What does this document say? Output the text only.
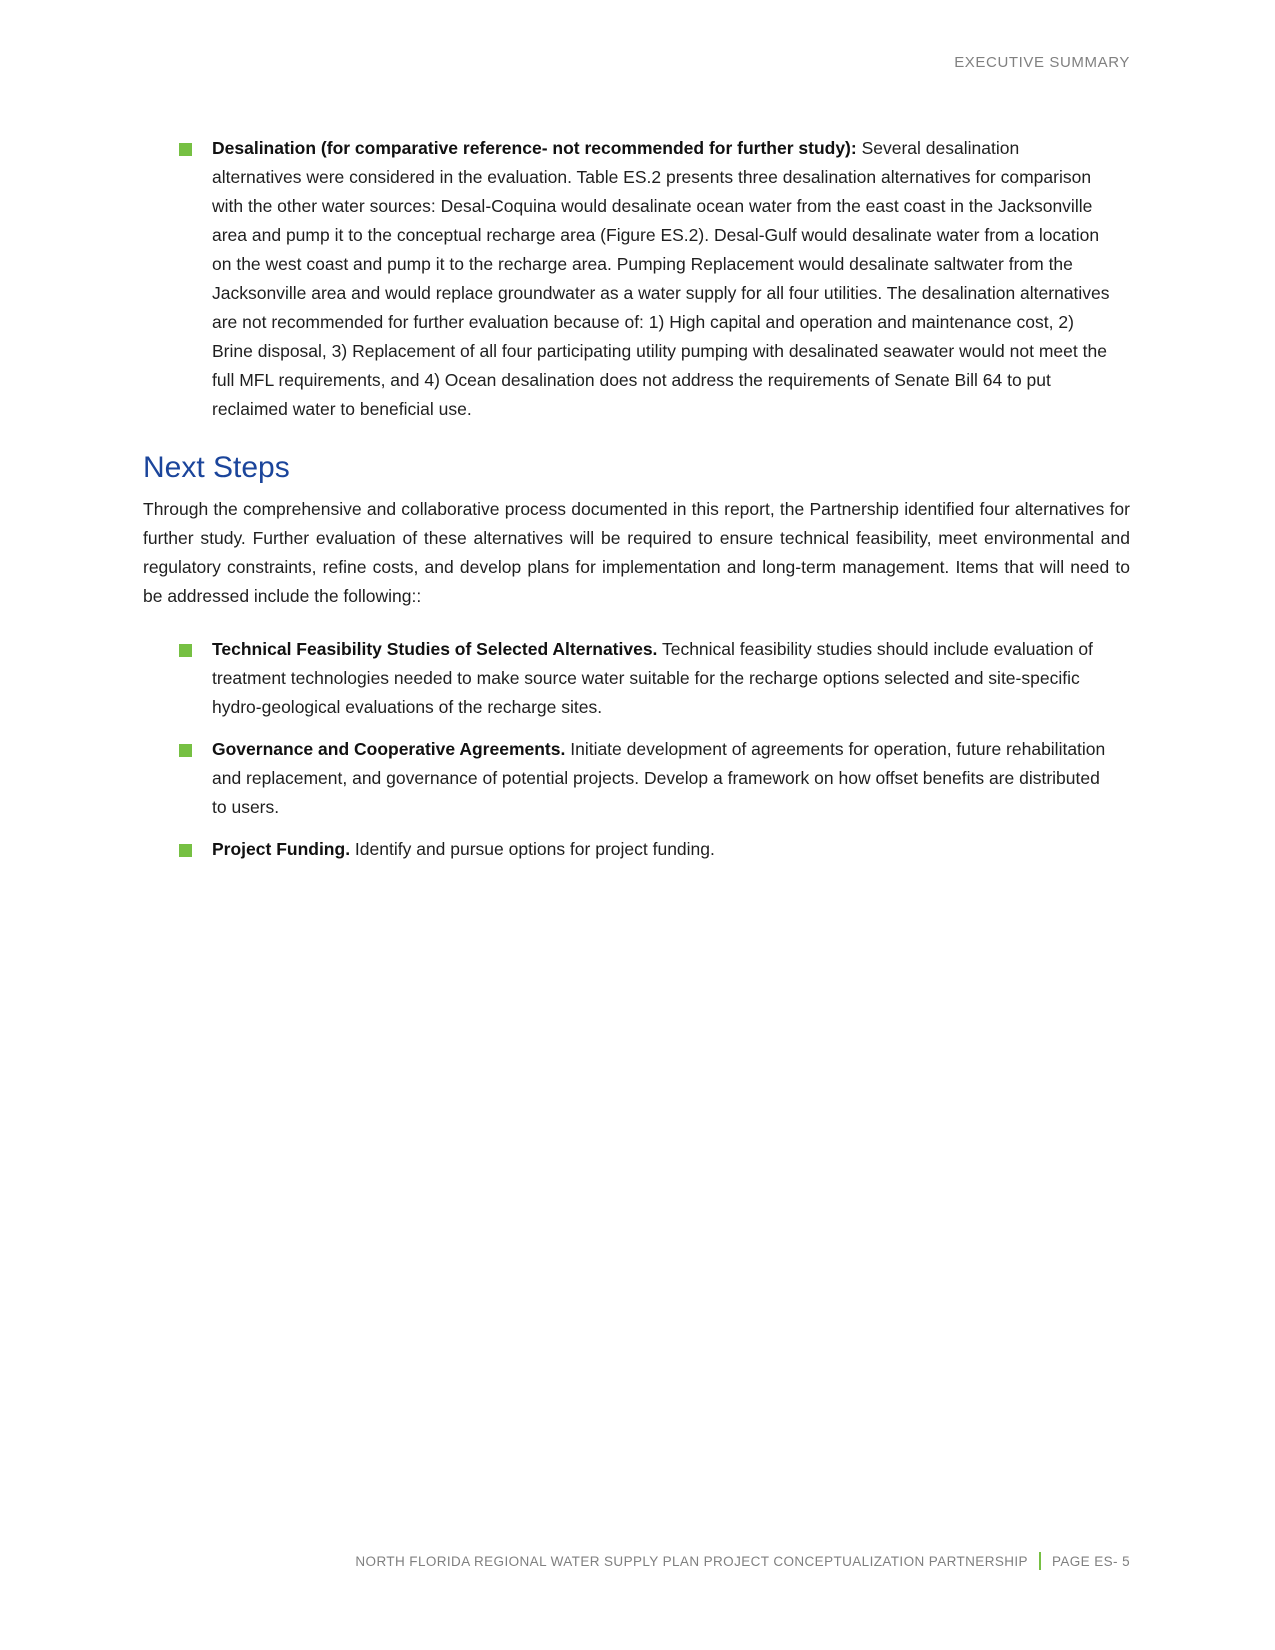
EXECUTIVE SUMMARY
Desalination (for comparative reference- not recommended for further study): Several desalination alternatives were considered in the evaluation. Table ES.2 presents three desalination alternatives for comparison with the other water sources: Desal-Coquina would desalinate ocean water from the east coast in the Jacksonville area and pump it to the conceptual recharge area (Figure ES.2). Desal-Gulf would desalinate water from a location on the west coast and pump it to the recharge area. Pumping Replacement would desalinate saltwater from the Jacksonville area and would replace groundwater as a water supply for all four utilities. The desalination alternatives are not recommended for further evaluation because of: 1) High capital and operation and maintenance cost, 2) Brine disposal, 3) Replacement of all four participating utility pumping with desalinated seawater would not meet the full MFL requirements, and 4) Ocean desalination does not address the requirements of Senate Bill 64 to put reclaimed water to beneficial use.
Next Steps

Through the comprehensive and collaborative process documented in this report, the Partnership identified four alternatives for further study. Further evaluation of these alternatives will be required to ensure technical feasibility, meet environmental and regulatory constraints, refine costs, and develop plans for implementation and long-term management. Items that will need to be addressed include the following::

Technical Feasibility Studies of Selected Alternatives. Technical feasibility studies should include evaluation of treatment technologies needed to make source water suitable for the recharge options selected and site-specific hydro-geological evaluations of the recharge sites.
Governance and Cooperative Agreements. Initiate development of agreements for operation, future rehabilitation and replacement, and governance of potential projects. Develop a framework on how offset benefits are distributed to users.
Project Funding. Identify and pursue options for project funding.
NORTH FLORIDA REGIONAL WATER SUPPLY PLAN PROJECT CONCEPTUALIZATION PARTNERSHIP PAGE ES- 5
